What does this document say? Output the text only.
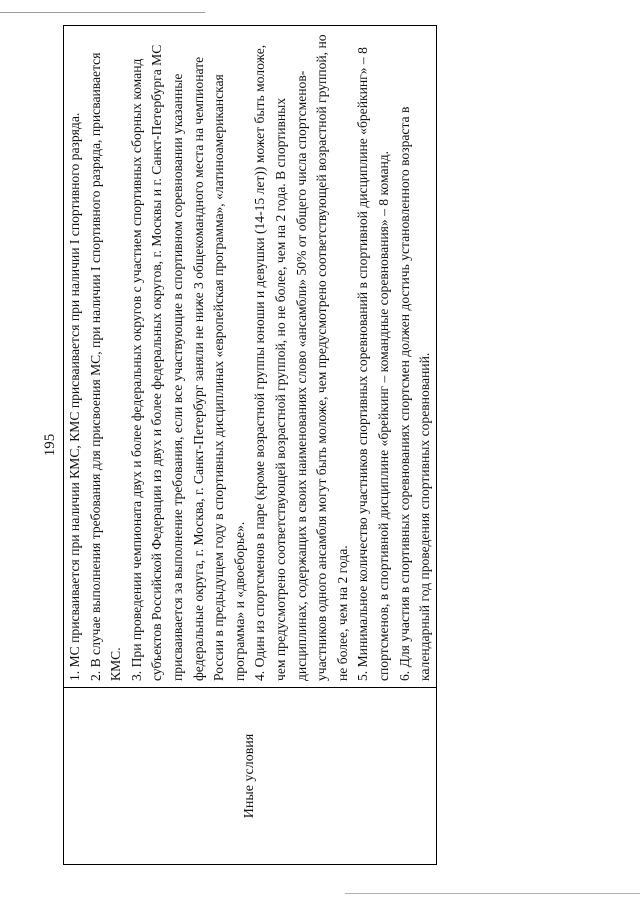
195
Иные условия	

1. МС присваивается при наличии КМС, КМС присваивается при наличии I спортивного разряда. 2. В случае выполнения требования для присвоения МС, при наличии I спортивного разряда, присваивается КМС. 3. При проведении чемпионата двух и более федеральных округов с участием спортивных сборных команд субъектов Российской Федерации из двух и более федеральных округов, г. Москвы и г. Санкт-Петербурга МС присваивается за выполнение требования, если все участвующие в спортивном соревновании указанные федеральные округа, г. Москва, г. Санкт-Петербург заняли не ниже 3 общекомандного места на чемпионате России в предыдущем году в спортивных дисциплинах «европейская программа», «латиноамериканская программа» и «двоеборье». 4. Один из спортсменов в паре (кроме возрастной группы юноши и девушки (14-15 лет)) может быть моложе, чем предусмотрено соответствующей возрастной группой, но не более, чем на 2 года. В спортивных дисциплинах, содержащих в своих наименованиях слово «ансамбли» 50% от общего числа спортсменов-участников одного ансамбля могут быть моложе, чем предусмотрено соответствующей возрастной группой, но не более, чем на 2 года. 5. Минимальное количество участников спортивных соревнований в спортивной дисциплине «брейкинг» – 8 спортсменов, в спортивной дисциплине «брейкинг – командные соревнования» – 8 команд. 6. Для участия в спортивных соревнованиях спортсмен должен достичь установленного возраста в календарный год проведения спортивных соревнований.
